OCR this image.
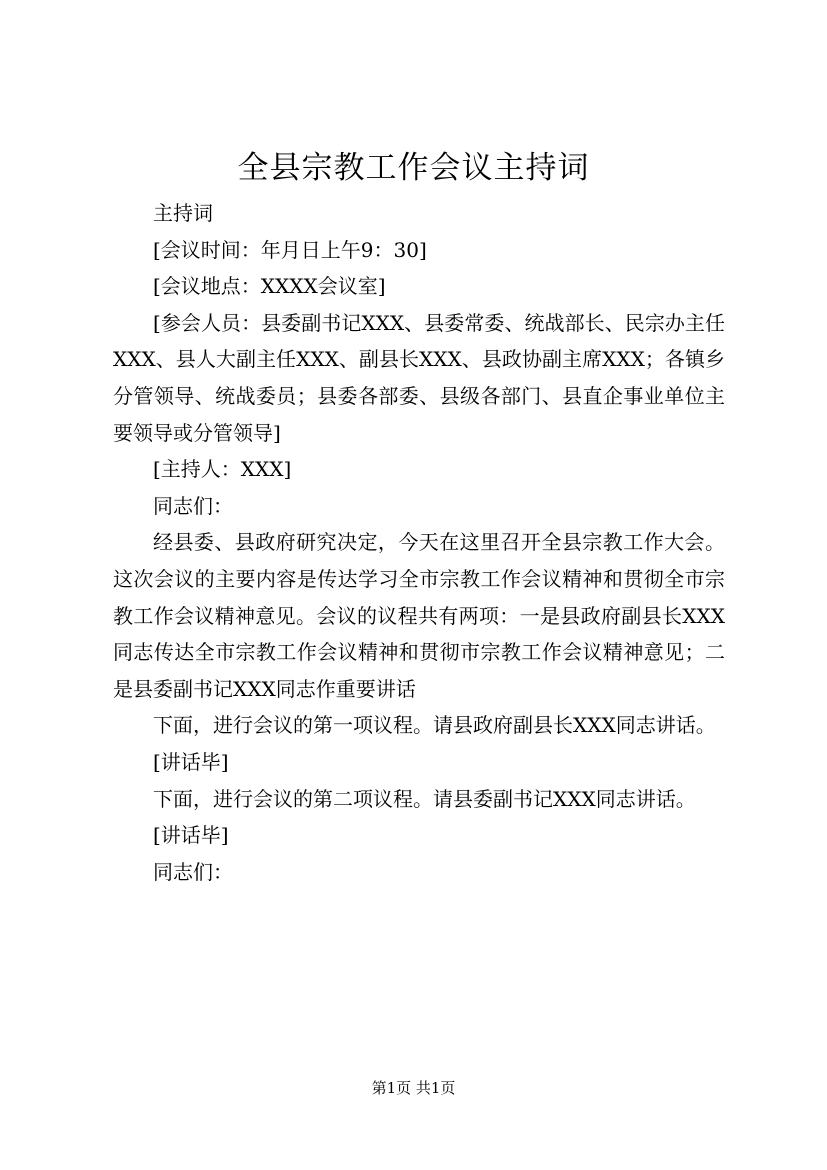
全县宗教工作会议主持词

主持词

[会议时间：年月日上午9：30]

[会议地点：XXXX会议室]

[参会人员：县委副书记XXX、县委常委、统战部长、民宗办主任XXX、县人大副主任XXX、副县长XXX、县政协副主席XXX；各镇乡分管领导、统战委员；县委各部委、县级各部门、县直企事业单位主要领导或分管领导]

[主持人：XXX]

同志们：

经县委、县政府研究决定，今天在这里召开全县宗教工作大会。这次会议的主要内容是传达学习全市宗教工作会议精神和贯彻全市宗教工作会议精神意见。会议的议程共有两项：一是县政府副县长XXX同志传达全市宗教工作会议精神和贯彻市宗教工作会议精神意见；二是县委副书记XXX同志作重要讲话

下面，进行会议的第一项议程。请县政府副县长XXX同志讲话。

[讲话毕]

下面，进行会议的第二项议程。请县委副书记XXX同志讲话。

[讲话毕]

同志们：

第1页 共1页
